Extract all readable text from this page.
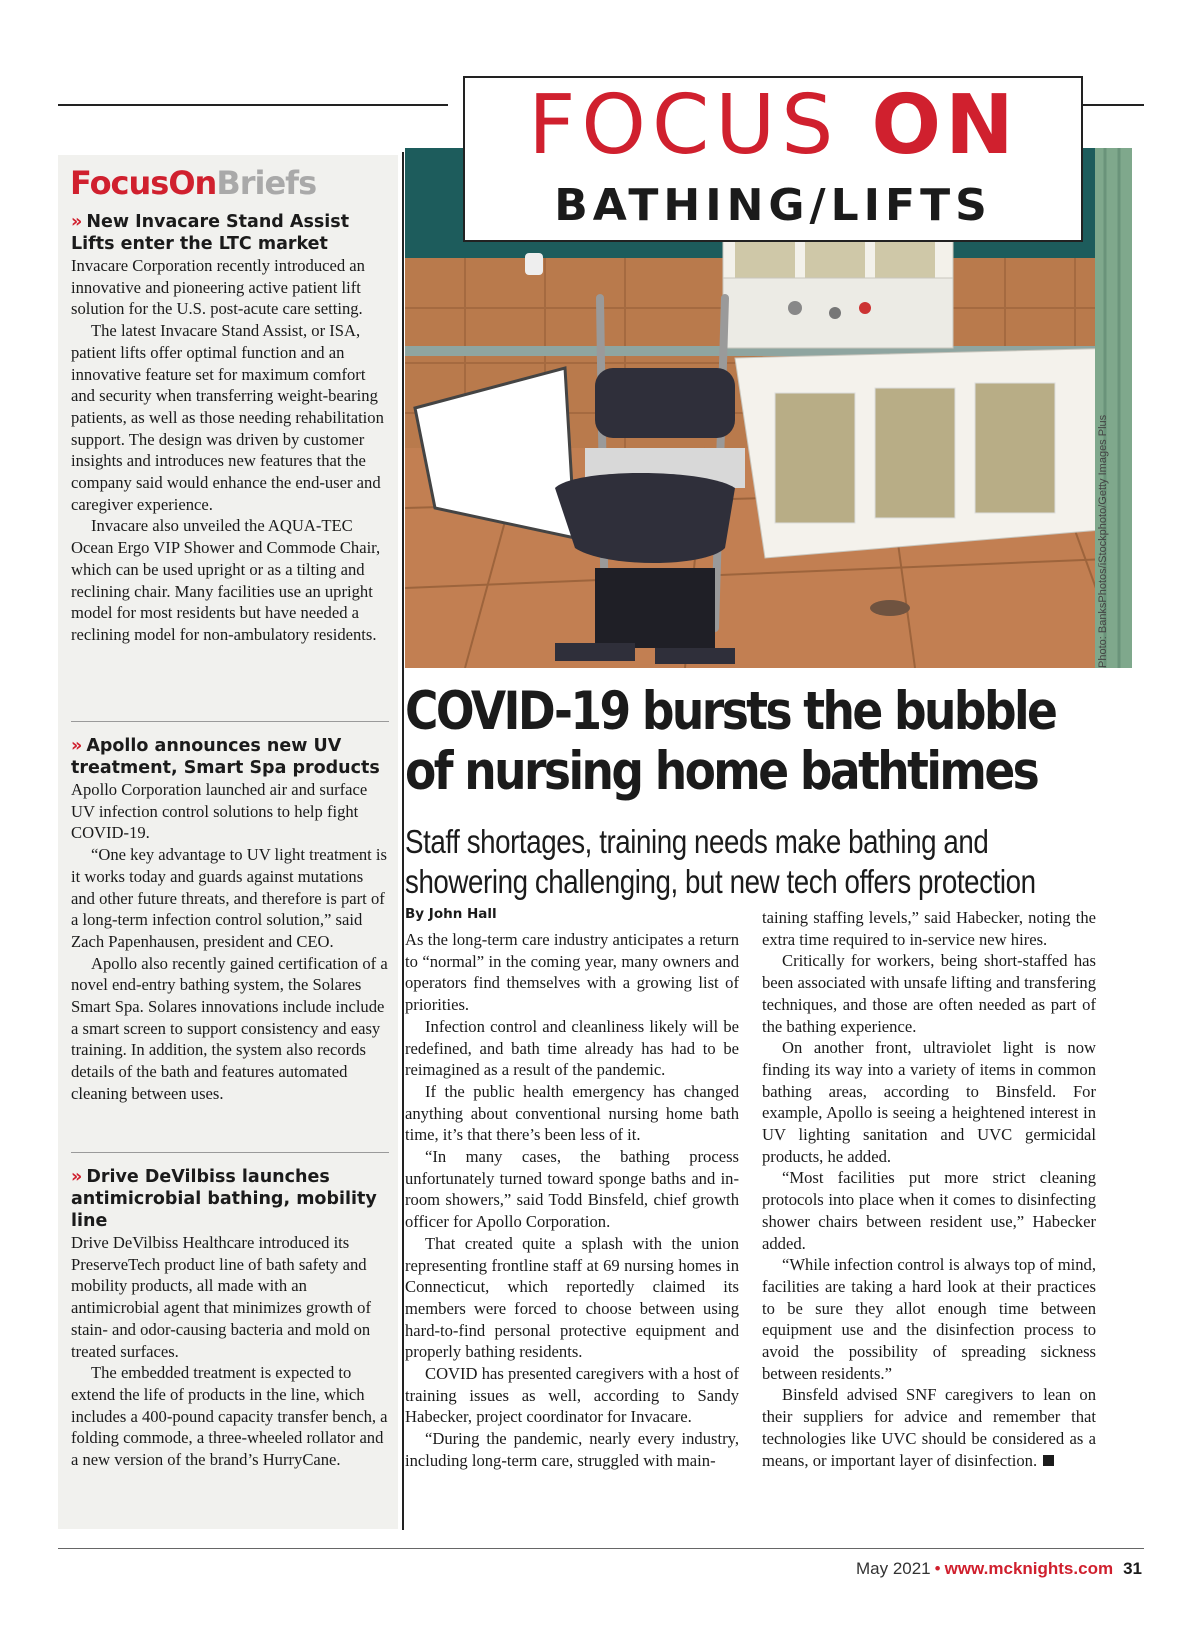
FOCUS ON
BATHING/LIFTS
FocusOnBriefs
» New Invacare Stand Assist Lifts enter the LTC market

Invacare Corporation recently introduced an innovative and pioneering active patient lift solution for the U.S. post-acute care setting.

The latest Invacare Stand Assist, or ISA, patient lifts offer optimal function and an innovative feature set for maximum comfort and security when transferring weight-bearing patients, as well as those needing rehabilitation support. The design was driven by customer insights and introduces new features that the company said would enhance the end-user and caregiver experience.

Invacare also unveiled the AQUA-TEC Ocean Ergo VIP Shower and Commode Chair, which can be used upright or as a tilting and reclining chair. Many facilities use an upright model for most residents but have needed a reclining model for non-ambulatory residents.

» Apollo announces new UV treatment, Smart Spa products

Apollo Corporation launched air and surface UV infection control solutions to help fight COVID-19.

“One key advantage to UV light treatment is it works today and guards against mutations and other future threats, and therefore is part of a long-term infection control solution,” said Zach Papenhausen, president and CEO.

Apollo also recently gained certification of a novel end-entry bathing system, the Solares Smart Spa. Solares innovations include include a smart screen to support consistency and easy training. In addition, the system also records details of the bath and features automated cleaning between uses.

» Drive DeVilbiss launches antimicrobial bathing, mobility line

Drive DeVilbiss Healthcare introduced its PreserveTech product line of bath safety and mobility products, all made with an antimicrobial agent that minimizes growth of stain- and odor-causing bacteria and mold on treated surfaces.

The embedded treatment is expected to extend the life of products in the line, which includes a 400-pound capacity transfer bench, a folding commode, a three-wheeled rollator and a new version of the brand’s HurryCane.

Photo: BanksPhotos/iStockphoto/Getty Images Plus
COVID-19 bursts the bubble
of nursing home bathtimes
Staff shortages, training needs make bathing and
showering challenging, but new tech offers protection
By John Hall

As the long-term care industry anticipates a return to “normal” in the coming year, many owners and operators find themselves with a growing list of priorities.

Infection control and cleanliness likely will be redefined, and bath time already has had to be reimagined as a result of the pandemic.

If the public health emergency has changed anything about conventional nursing home bath time, it’s that there’s been less of it.

“In many cases, the bathing process unfortunately turned toward sponge baths and in-room showers,” said Todd Binsfeld, chief growth officer for Apollo Corporation.

That created quite a splash with the union representing frontline staff at 69 nursing homes in Connecticut, which reportedly claimed its members were forced to choose between using hard-to-find personal protective equipment and properly bathing residents.

COVID has presented caregivers with a host of training issues as well, according to Sandy Habecker, project coordinator for Invacare.

“During the pandemic, nearly every industry, including long-term care, struggled with main-

taining staffing levels,” said Habecker, noting the extra time required to in-service new hires.

Critically for workers, being short-staffed has been associated with unsafe lifting and transfering techniques, and those are often needed as part of the bathing experience.

On another front, ultraviolet light is now finding its way into a variety of items in common bathing areas, according to Binsfeld. For example, Apollo is seeing a heightened interest in UV lighting sanitation and UVC germicidal products, he added.

“Most facilities put more strict cleaning protocols into place when it comes to disinfecting shower chairs between resident use,” Habecker added.

“While infection control is always top of mind, facilities are taking a hard look at their practices to be sure they allot enough time between equipment use and the disinfection process to avoid the possibility of spreading sickness between residents.”

Binsfeld advised SNF caregivers to lean on their suppliers for advice and remember that technologies like UVC should be considered as a means, or important layer of disinfection.

May 2021 • www.mcknights.com 31
